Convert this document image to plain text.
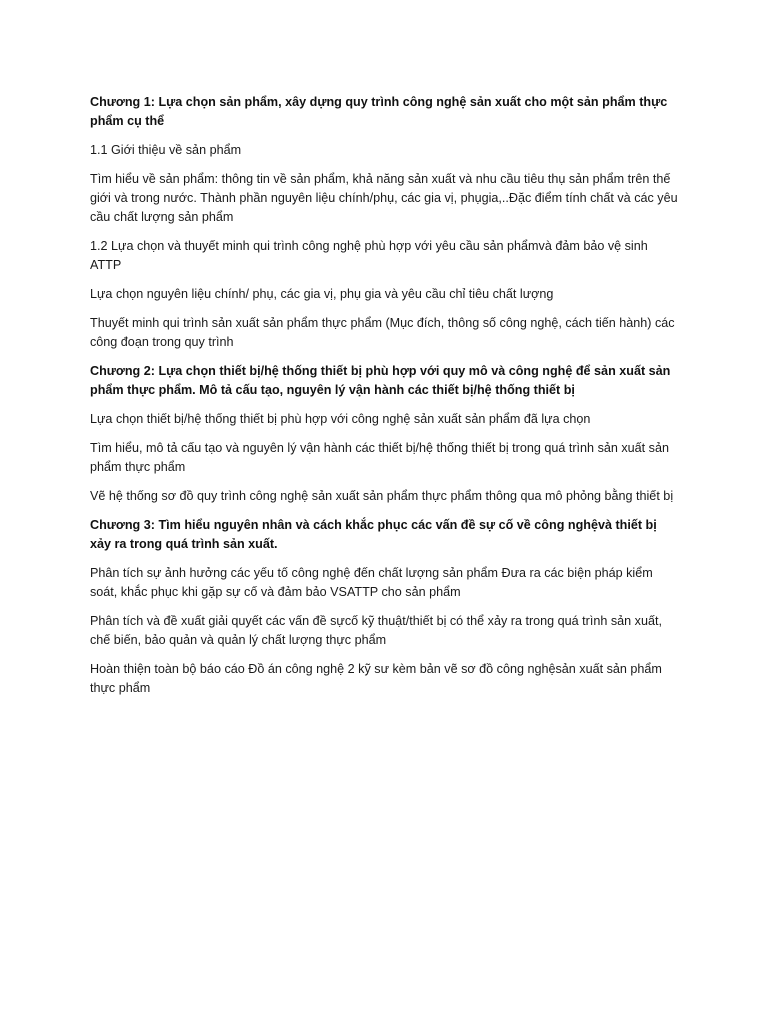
Chương 1: Lựa chọn sản phẩm, xây dựng quy trình công nghệ sản xuất cho một sản phẩm thực phẩm cụ thể

1.1 Giới thiệu về sản phẩm

Tìm hiểu về sản phẩm: thông tin về sản phẩm, khả năng sản xuất và nhu cầu tiêu thụ sản phẩm trên thế giới và trong nước. Thành phần nguyên liệu chính/phụ, các gia vị, phụgia,..Đặc điểm tính chất và các yêu cầu chất lượng sản phẩm

1.2 Lựa chọn và thuyết minh qui trình công nghệ phù hợp với yêu cầu sản phẩmvà đảm bảo vệ sinh ATTP

Lựa chọn nguyên liệu chính/ phụ, các gia vị, phụ gia và yêu cầu chỉ tiêu chất lượng

Thuyết minh qui trình sản xuất sản phẩm thực phẩm (Mục đích, thông số công nghệ, cách tiến hành) các công đoạn trong quy trình

Chương 2: Lựa chọn thiết bị/hệ thống thiết bị phù hợp với quy mô và công nghệ để sản xuất sản phẩm thực phẩm. Mô tả cấu tạo, nguyên lý vận hành các thiết bị/hệ thống thiết bị

Lựa chọn thiết bị/hệ thống thiết bị phù hợp với công nghệ sản xuất sản phẩm đã lựa chọn

Tìm hiểu, mô tả cấu tạo và nguyên lý vận hành các thiết bị/hệ thống thiết bị trong quá trình sản xuất sản phẩm thực phẩm

Vẽ hệ thống sơ đồ quy trình công nghệ sản xuất sản phẩm thực phẩm thông qua mô phỏng bằng thiết bị

Chương 3: Tìm hiểu nguyên nhân và cách khắc phục các vấn đề sự cố về công nghệvà thiết bị xảy ra trong quá trình sản xuất.

Phân tích sự ảnh hưởng các yếu tố công nghệ đến chất lượng sản phẩm Đưa ra các biện pháp kiểm soát, khắc phục khi gặp sự cố và đảm bảo VSATTP cho sản phẩm

Phân tích và đề xuất giải quyết các vấn đề sựcố kỹ thuật/thiết bị có thể xảy ra trong quá trình sản xuất, chế biến, bảo quản và quản lý chất lượng thực phẩm

Hoàn thiện toàn bộ báo cáo Đồ án công nghệ 2 kỹ sư kèm bản vẽ sơ đồ công nghệsản xuất sản phẩm thực phẩm
